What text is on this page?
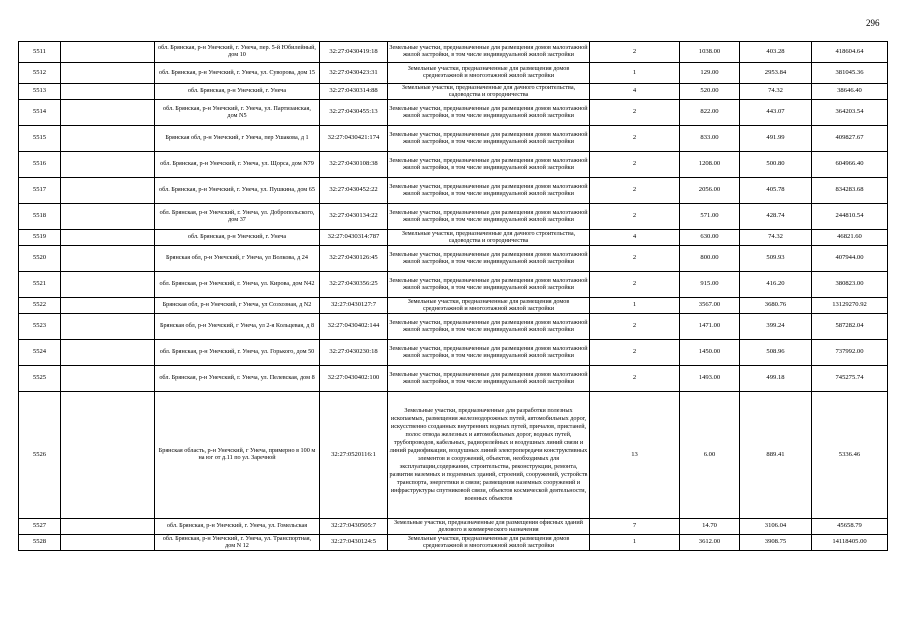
296
5511		обл. Брянская, р-н Унечский, г. Унеча, пер. 5-й Юбилейный, дом 10	32:27:0430419:18	Земельные участки, предназначенные для размещения домов малоэтажной жилой застройки, в том числе индивидуальной жилой застройки	2	1038.00	403.28	418604.64
5512		обл. Брянская, р-н Унечский, г. Унеча, ул. Суворова, дом 15	32:27:0430423:31	Земельные участки, предназначенные для размещения домов среднеэтажной и многоэтажной жилой застройки	1	129.00	2953.84	381045.36
5513		обл. Брянская, р-н Унечский, г. Унеча	32:27:0430314:88	Земельные участки, предназначенные для дачного строительства, садоводства и огородничества	4	520.00	74.32	38646.40
5514		обл. Брянская, р-н Унечский, г. Унеча, ул. Партизанская, дом N5	32:27:0430455:13	Земельные участки, предназначенные для размещения домов малоэтажной жилой застройки, в том числе индивидуальной жилой застройки	2	822.00	443.07	364203.54
5515		Брянская обл, р-н Унечский, г Унеча, пер Ушакова, д 1	32:27:0430421:174	Земельные участки, предназначенные для размещения домов малоэтажной жилой застройки, в том числе индивидуальной жилой застройки	2	833.00	491.99	409827.67
5516		обл. Брянская, р-н Унечский, г. Унеча, ул. Щорса, дом N79	32:27:0430108:38	Земельные участки, предназначенные для размещения домов малоэтажной жилой застройки, в том числе индивидуальной жилой застройки	2	1208.00	500.80	604966.40
5517		обл. Брянская, р-н Унечский, г. Унеча, ул. Пушкина, дом 65	32:27:0430452:22	Земельные участки, предназначенные для размещения домов малоэтажной жилой застройки, в том числе индивидуальной жилой застройки	2	2056.00	405.78	834283.68
5518		обл. Брянская, р-н Унечский, г. Унеча, ул. Добропольского, дом 37	32:27:0430134:22	Земельные участки, предназначенные для размещения домов малоэтажной жилой застройки, в том числе индивидуальной жилой застройки	2	571.00	428.74	244810.54
5519		обл. Брянская, р-н Унечский, г. Унеча	32:27:0430314:787	Земельные участки, предназначенные для дачного строительства, садоводства и огородничества	4	630.00	74.32	46821.60
5520		Брянская обл, р-н Унечский, г Унеча, ул Волкова, д 24	32:27:0430126:45	Земельные участки, предназначенные для размещения домов малоэтажной жилой застройки, в том числе индивидуальной жилой застройки	2	800.00	509.93	407944.00
5521		обл. Брянская, р-н Унечский, г. Унеча, ул. Кирова, дом N42	32:27:0430356:25	Земельные участки, предназначенные для размещения домов малоэтажной жилой застройки, в том числе индивидуальной жилой застройки	2	915.00	416.20	380823.00
5522		Брянская обл, р-н Унечский, г Унеча, ул Созхозная, д N2	32:27:0430127:7	Земельные участки, предназначенные для размещения домов среднеэтажной и многоэтажной жилой застройки	1	3567.00	3680.76	13129270.92
5523		Брянская обл, р-н Унечский, г Унеча, ул 2-я Кольцевая, д 8	32:27:0430402:144	Земельные участки, предназначенные для размещения домов малоэтажной жилой застройки, в том числе индивидуальной жилой застройки	2	1471.00	399.24	587282.04
5524		обл. Брянская, р-н Унечский, г. Унеча, ул. Горького, дом 50	32:27:0430230:18	Земельные участки, предназначенные для размещения домов малоэтажной жилой застройки, в том числе индивидуальной жилой застройки	2	1450.00	508.96	737992.00
5525		обл. Брянская, р-н Унечский, г. Унеча, ул. Пелевская, дом 8	32:27:0430402:100	Земельные участки, предназначенные для размещения домов малоэтажной жилой застройки, в том числе индивидуальной жилой застройки	2	1493.00	499.18	745275.74
5526		Брянская область, р-н Унечский, г Унеча, примерно в 100 м на юг от д.11 по ул. Заречной	32:27:0520116:1	Земельные участки, предназначенные для разработки полезных ископаемых, размещения железнодорожных путей, автомобильных дорог, искусственно созданных внутренних водных путей, причалов, пристаней, полос отвода железных и автомобильных дорог, водных путей, трубопроводов, кабельных, радиорелейных и воздушных линий связи и линий радиофикации, воздушных линий электропередачи конструктивных элементов и сооружений, объектов, необходимых для эксплуатации,содержания, строительства, реконструкции, ремонта, развития наземных и подземных зданий, строений, сооружений, устройств транспорта, энергетики и связи; размещения наземных сооружений и инфраструктуры спутниковой связи, объектов космической деятельности, военных объектов	13	6.00	889.41	5336.46
5527		обл. Брянская, р-н Унечский, г. Унеча, ул. Гомельская	32:27:0430505:7	Земельные участки, предназначенные для размещения офисных зданий делового и коммерческого назначения	7	14.70	3106.04	45658.79
5528		обл. Брянская, р-н Унечский, г. Унеча, ул. Транспортная, дом N 12	32:27:0430124:5	Земельные участки, предназначенные для размещения домов среднеэтажной и многоэтажной жилой застройки	1	3612.00	3908.75	14118405.00
